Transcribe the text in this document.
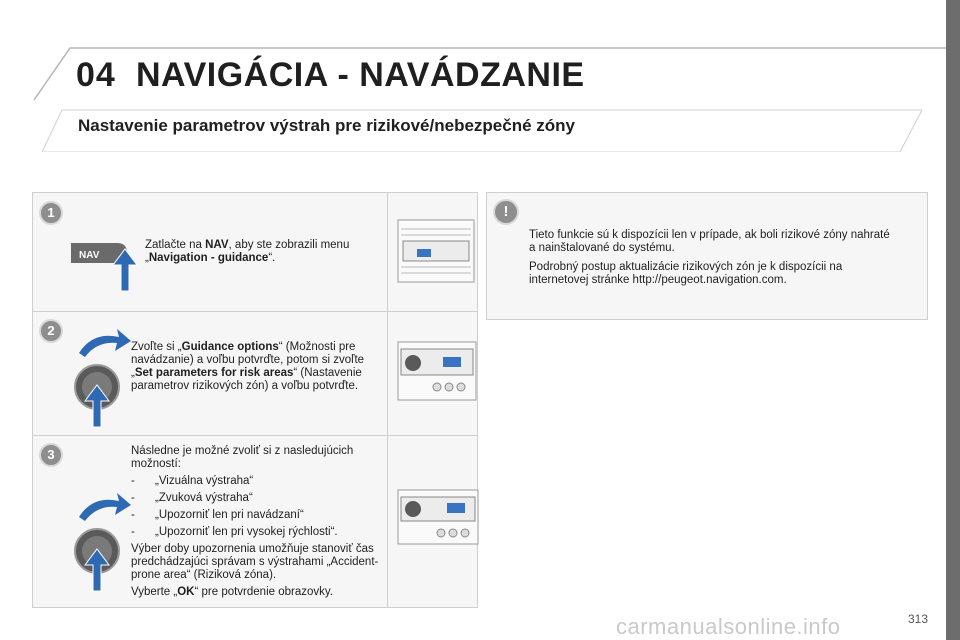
04 NAVIGÁCIA - NAVÁDZANIE
Nastavenie parametrov výstrah pre rizikové/nebezpečné zóny
1
NAV

Zatlačte na NAV, aby ste zobrazili menu „Navigation - guidance“.

2

Zvoľte si „Guidance options“ (Možnosti pre navádzanie) a voľbu potvrďte, potom si zvoľte „Set parameters for risk areas“ (Nastavenie parametrov rizikových zón) a voľbu potvrďte.

3	Následne je možné zvoliť si z nasledujúcich možností:

- „Vizuálna výstraha“
- „Zvuková výstraha“
- „Upozorniť len pri navádzaní“
- „Upozorniť len pri vysokej rýchlosti“.

Výber doby upozornenia umožňuje stanoviť čas predchádzajúci správam s výstrahami „Accident-prone area“ (Riziková zóna).

Vyberte „OK“ pre potvrdenie obrazovky.

!

Tieto funkcie sú k dispozícii len v prípade, ak boli rizikové zóny nahraté a nainštalované do systému.

Podrobný postup aktualizácie rizikových zón je k dispozícii na internetovej stránke http://peugeot.navigation.com.

carmanualsonline.info	313
